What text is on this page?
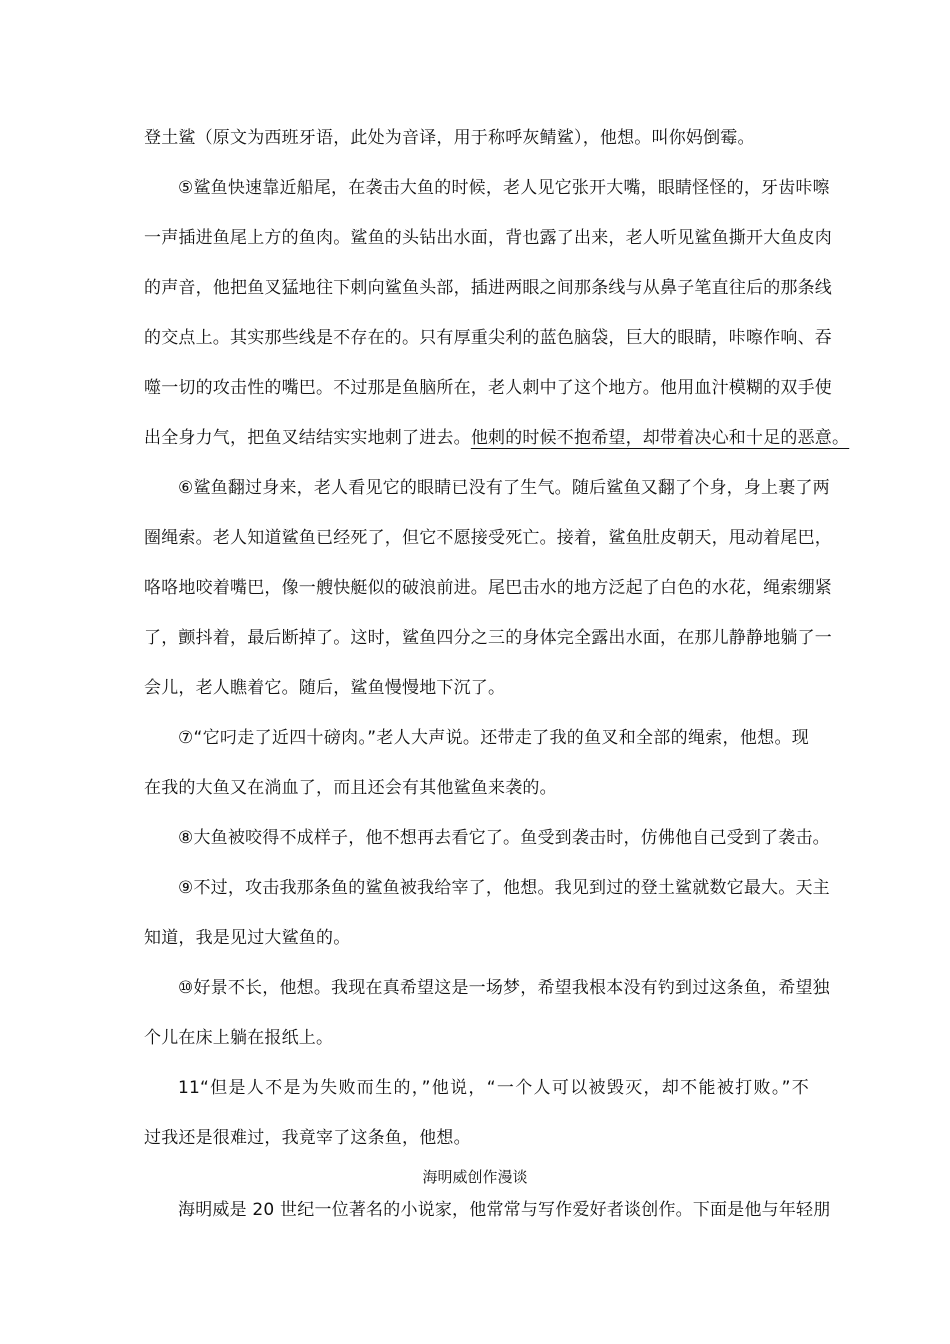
登土鲨（原文为西班牙语，此处为音译，用于称呼灰鲭鲨），他想。叫你妈倒霉。
⑤鲨鱼快速靠近船尾，在袭击大鱼的时候，老人见它张开大嘴，眼睛怪怪的，牙齿咔嚓
一声插进鱼尾上方的鱼肉。鲨鱼的头钻出水面，背也露了出来，老人听见鲨鱼撕开大鱼皮肉
的声音，他把鱼叉猛地往下刺向鲨鱼头部，插进两眼之间那条线与从鼻子笔直往后的那条线
的交点上。其实那些线是不存在的。只有厚重尖利的蓝色脑袋，巨大的眼睛，咔嚓作响、吞
噬一切的攻击性的嘴巴。不过那是鱼脑所在，老人刺中了这个地方。他用血汁模糊的双手使
出全身力气，把鱼叉结结实实地刺了进去。他刺的时候不抱希望，却带着决心和十足的恶意。
⑥鲨鱼翻过身来，老人看见它的眼睛已没有了生气。随后鲨鱼又翻了个身，身上裹了两
圈绳索。老人知道鲨鱼已经死了，但它不愿接受死亡。接着，鲨鱼肚皮朝天，甩动着尾巴，
咯咯地咬着嘴巴，像一艘快艇似的破浪前进。尾巴击水的地方泛起了白色的水花，绳索绷紧
了，颤抖着，最后断掉了。这时，鲨鱼四分之三的身体完全露出水面，在那儿静静地躺了一
会儿，老人瞧着它。随后，鲨鱼慢慢地下沉了。
⑦“它叼走了近四十磅肉。”老人大声说。还带走了我的鱼叉和全部的绳索，他想。现
在我的大鱼又在淌血了，而且还会有其他鲨鱼来袭的。
⑧大鱼被咬得不成样子，他不想再去看它了。鱼受到袭击时，仿佛他自己受到了袭击。
⑨不过，攻击我那条鱼的鲨鱼被我给宰了，他想。我见到过的登土鲨就数它最大。天主
知道，我是见过大鲨鱼的。
⑩好景不长，他想。我现在真希望这是一场梦，希望我根本没有钓到过这条鱼，希望独
个儿在床上躺在报纸上。
11“但是人不是为失败而生的，”他说，“一个人可以被毁灭，却不能被打败。”不
过我还是很难过，我竟宰了这条鱼，他想。
海明威创作漫谈
海明威是 20 世纪一位著名的小说家，他常常与写作爱好者谈创作。下面是他与年轻朋
